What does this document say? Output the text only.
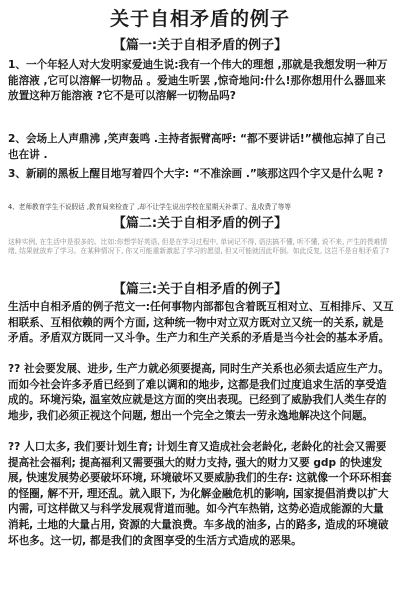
关于自相矛盾的例子
【篇一:关于自相矛盾的例子】

1、一个年轻人对大发明家爱迪生说:我有一个伟大的理想 ,那就是我想发明一种万能溶液 ,它可以溶解一切物品 。爱迪生听罢 ,惊奇地问:什么!那你想用什么器皿来放置这种万能溶液 ?它不是可以溶解一切物品吗?

2、会场上人声鼎沸 ,笑声轰鸣 .主持者振臂高呼: “都不要讲话!”横他忘掉了自己也在讲 .

3、新刷的黑板上醒目地写着四个大字: “不准涂画 .”咳那这四个字又是什么呢 ?

4、老师教育学生不说假话 ,教育局来检查了 ,却不让学生说出学校在星期天补课了、乱收费了等等

【篇二:关于自相矛盾的例子】

这种实例, 在生活中是很多的。比如:你想学好英语, 但是在学习过程中, 单词记不得, 语法搞不懂, 听不懂, 说不来, 产生的畏难情绪, 结果就放弃了学习。在某种情况下, 你又可能重新激起了学习的愿望, 但又可能就因此吓倒。如此反复, 这岂不是自相矛盾了?

【篇三:关于自相矛盾的例子】

生活中自相矛盾的例子范文一:任何事物内部都包含着既互相对立、互相排斥、又互相联系、互相依赖的两个方面, 这种统一物中对立双方既对立又统一的关系, 就是矛盾。矛盾双方既同一又斗争。生产力和生产关系的矛盾是当今社会的基本矛盾。

?? 社会要发展、进步, 生产力就必须要提高, 同时生产关系也必须去适应生产力。而如今社会许多矛盾已经到了难以调和的地步, 这都是我们过度追求生活的享受造成的。环境污染, 温室效应就是这方面的突出表现。已经到了威胁我们人类生存的地步, 我们必须正视这个问题, 想出一个完全之策去一劳永逸地解决这个问题。

?? 人口太多, 我们要计划生育; 计划生育又造成社会老龄化, 老龄化的社会又需要提高社会福利; 提高福利又需要强大的财力支持, 强大的财力又要 gdp 的快速发展, 快速发展势必要破坏环境, 环境破坏又要威胁我们的生存: 这就像一个环环相套的怪圈, 解不开, 理还乱。就入眼下, 为化解金融危机的影响, 国家提倡消费以扩大内需, 可这样做又与科学发展观背道而驰。如今汽车热销, 这势必造成能源的大量消耗, 土地的大量占用, 资源的大量浪费。车多战的油多, 占的路多, 造成的环境破坏也多。这一切, 都是我们的贪图享受的生活方式造成的恶果。
